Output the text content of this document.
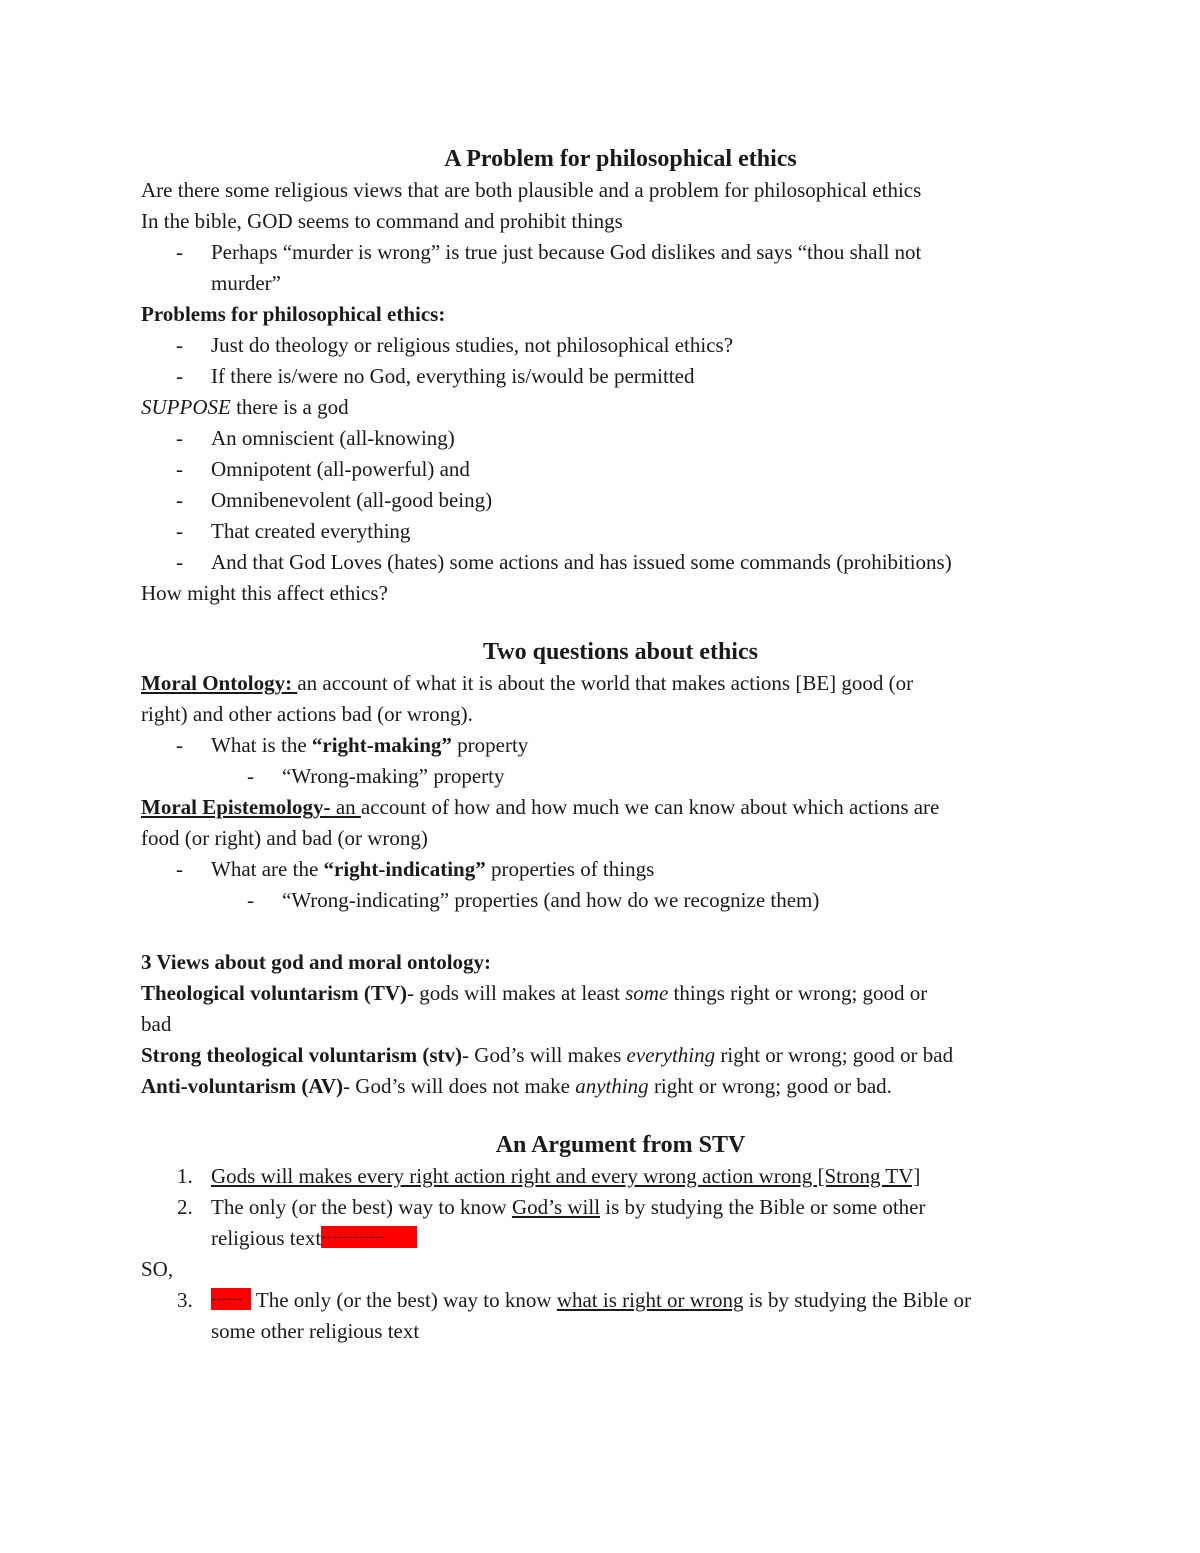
A Problem for philosophical ethics
Are there some religious views that are both plausible and a problem for philosophical ethics
In the bible, GOD seems to command and prohibit things
- Perhaps “murder is wrong” is true just because God dislikes and says “thou shall not
murder”
Problems for philosophical ethics:
- Just do theology or religious studies, not philosophical ethics?
- If there is/were no God, everything is/would be permitted
SUPPOSE there is a god
- An omniscient (all-knowing)
- Omnipotent (all-powerful) and
- Omnibenevolent (all-good being)
- That created everything
- And that God Loves (hates) some actions and has issued some commands (prohibitions)
How might this affect ethics?
Two questions about ethics
Moral Ontology: an account of what it is about the world that makes actions [BE] good (or
right) and other actions bad (or wrong).
- What is the “right-making” property
- “Wrong-making” property
Moral Epistemology- an account of how and how much we can know about which actions are
food (or right) and bad (or wrong)
- What are the “right-indicating” properties of things
- “Wrong-indicating” properties (and how do we recognize them)
3 Views about god and moral ontology:
Theological voluntarism (TV)- gods will makes at least some things right or wrong; good or
bad
Strong theological voluntarism (stv)- God’s will makes everything right or wrong; good or bad
Anti-voluntarism (AV)- God’s will does not make anything right or wrong; good or bad.
An Argument from STV
1. Gods will makes every right action right and every wrong action wrong [Strong TV]
2. The only (or the best) way to know God’s will is by studying the Bible or some other
religious text------------
SO,
3. ------ The only (or the best) way to know what is right or wrong is by studying the Bible or
some other religious text
